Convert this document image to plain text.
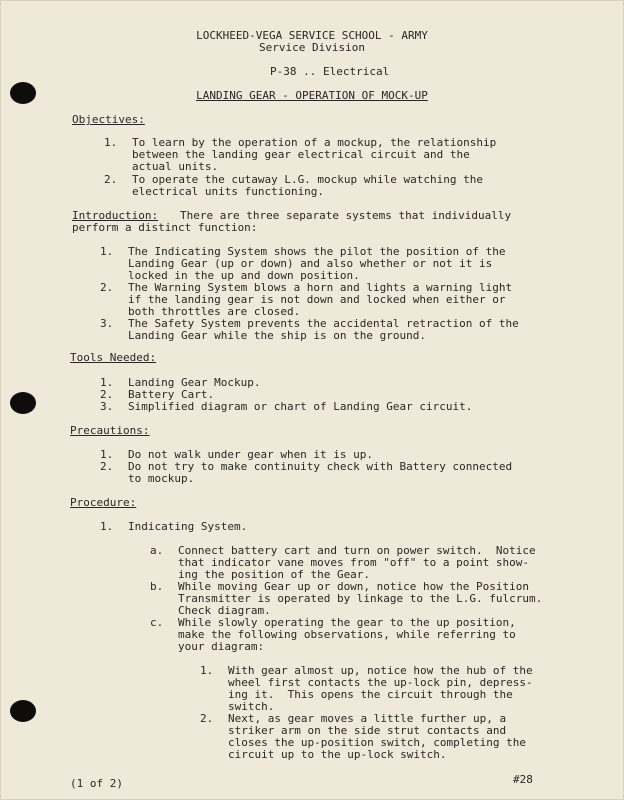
LOCKHEED-VEGA SERVICE SCHOOL - ARMY
Service Division
P-38 .. Electrical
LANDING GEAR - OPERATION OF MOCK-UP
Objectives:
1. To learn by the operation of a mockup, the relationship
between the landing gear electrical circuit and the
actual units.
2. To operate the cutaway L.G. mockup while watching the
electrical units functioning.
Introduction: There are three separate systems that individually
perform a distinct function:
1. The Indicating System shows the pilot the position of the
Landing Gear (up or down) and also whether or not it is
locked in the up and down position.
2. The Warning System blows a horn and lights a warning light
if the landing gear is not down and locked when either or
both throttles are closed.
3. The Safety System prevents the accidental retraction of the
Landing Gear while the ship is on the ground.
Tools Needed:
1. Landing Gear Mockup.
2. Battery Cart.
3. Simplified diagram or chart of Landing Gear circuit.
Precautions:
1. Do not walk under gear when it is up.
2. Do not try to make continuity check with Battery connected
to mockup.
Procedure:
1. Indicating System.
a. Connect battery cart and turn on power switch.  Notice
that indicator vane moves from "off" to a point show-
ing the position of the Gear.
b. While moving Gear up or down, notice how the Position
Transmitter is operated by linkage to the L.G. fulcrum.
Check diagram.
c. While slowly operating the gear to the up position,
make the following observations, while referring to
your diagram:
1. With gear almost up, notice how the hub of the
wheel first contacts the up-lock pin, depress-
ing it.  This opens the circuit through the
switch.
2. Next, as gear moves a little further up, a
striker arm on the side strut contacts and
closes the up-position switch, completing the
circuit up to the up-lock switch.
(1 of 2)	#28
